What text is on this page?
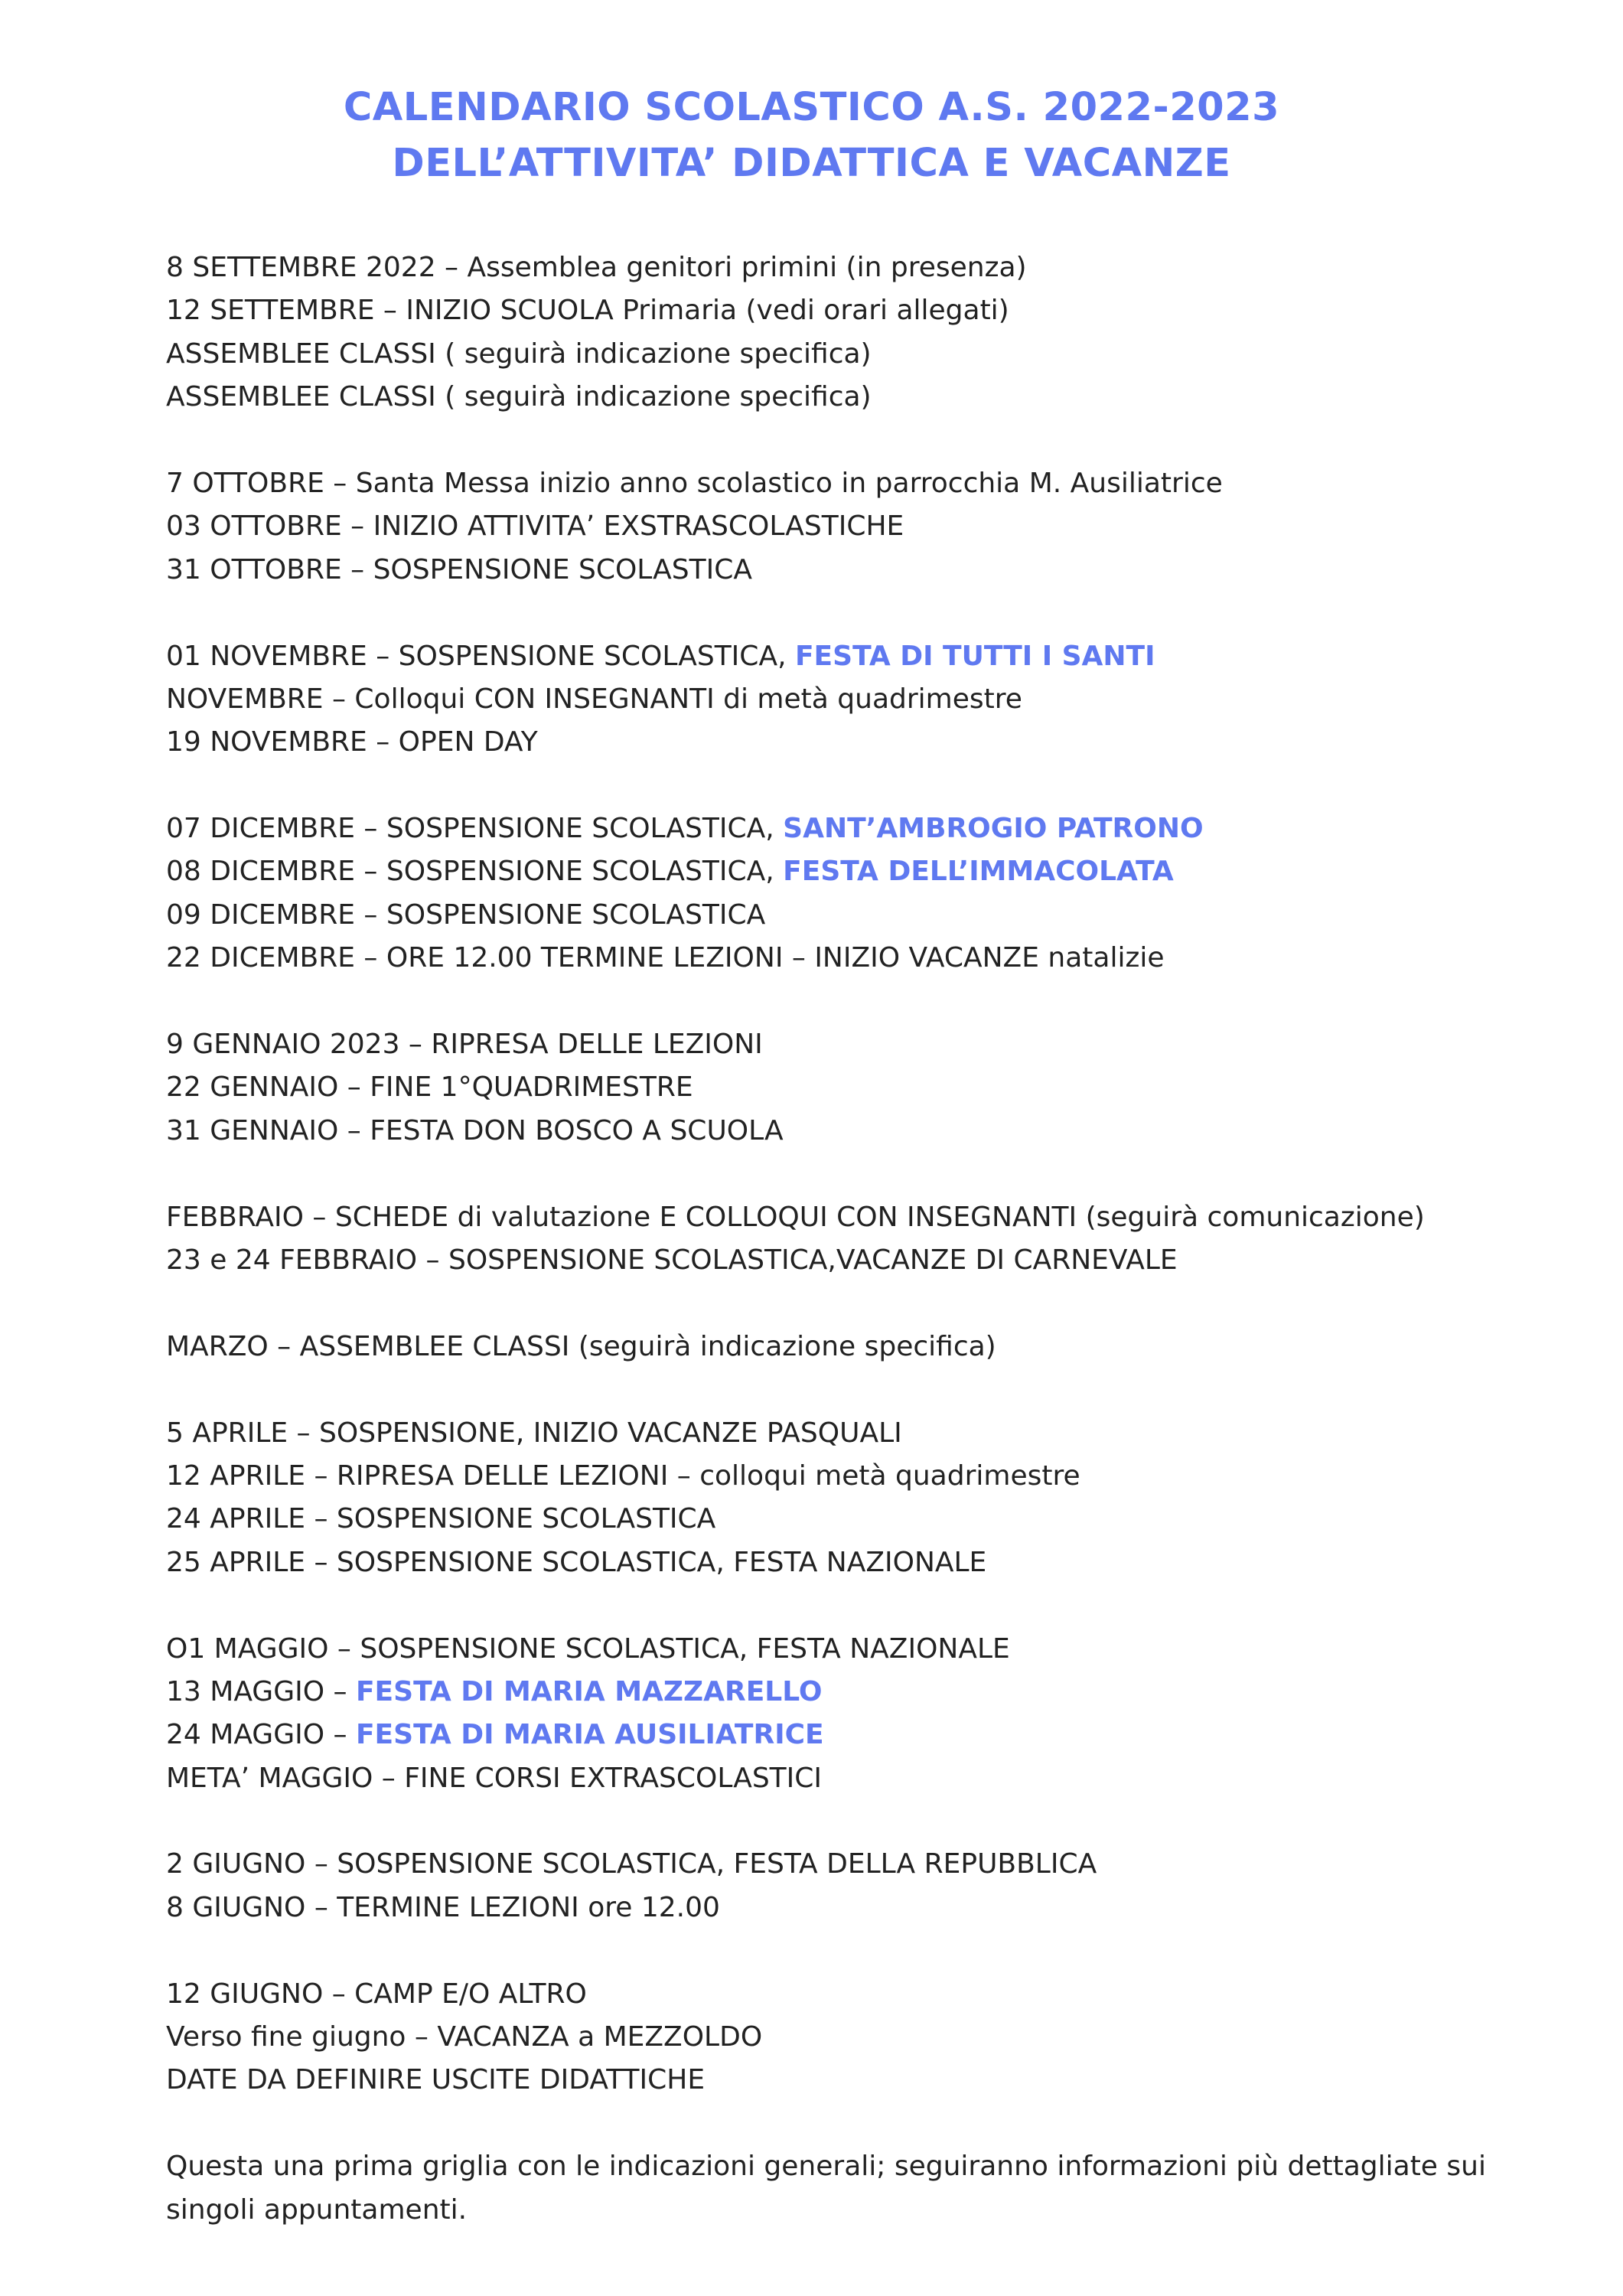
CALENDARIO SCOLASTICO A.S. 2022-2023
DELL’ATTIVITA’ DIDATTICA E VACANZE
8 SETTEMBRE 2022 – Assemblea genitori primini (in presenza)
12 SETTEMBRE – INIZIO SCUOLA Primaria (vedi orari allegati)
ASSEMBLEE CLASSI ( seguirà indicazione specifica)
ASSEMBLEE CLASSI ( seguirà indicazione specifica)
7 OTTOBRE – Santa Messa inizio anno scolastico in parrocchia M. Ausiliatrice
03 OTTOBRE – INIZIO ATTIVITA’ EXSTRASCOLASTICHE
31 OTTOBRE – SOSPENSIONE SCOLASTICA
01 NOVEMBRE – SOSPENSIONE SCOLASTICA, FESTA DI TUTTI I SANTI
NOVEMBRE – Colloqui CON INSEGNANTI di metà quadrimestre
19 NOVEMBRE – OPEN DAY
07 DICEMBRE – SOSPENSIONE SCOLASTICA, SANT’AMBROGIO PATRONO
08 DICEMBRE – SOSPENSIONE SCOLASTICA, FESTA DELL’IMMACOLATA
09 DICEMBRE – SOSPENSIONE SCOLASTICA
22 DICEMBRE – ORE 12.00 TERMINE LEZIONI – INIZIO VACANZE natalizie
9 GENNAIO 2023 – RIPRESA DELLE LEZIONI
22 GENNAIO – FINE 1°QUADRIMESTRE
31 GENNAIO – FESTA DON BOSCO A SCUOLA
FEBBRAIO – SCHEDE di valutazione E COLLOQUI CON INSEGNANTI (seguirà comunicazione)
23 e 24 FEBBRAIO – SOSPENSIONE SCOLASTICA,VACANZE DI CARNEVALE
MARZO – ASSEMBLEE CLASSI (seguirà indicazione specifica)
5 APRILE – SOSPENSIONE, INIZIO VACANZE PASQUALI
12 APRILE – RIPRESA DELLE LEZIONI – colloqui metà quadrimestre
24 APRILE – SOSPENSIONE SCOLASTICA
25 APRILE – SOSPENSIONE SCOLASTICA, FESTA NAZIONALE
O1 MAGGIO – SOSPENSIONE SCOLASTICA, FESTA NAZIONALE
13 MAGGIO – FESTA DI MARIA MAZZARELLO
24 MAGGIO – FESTA DI MARIA AUSILIATRICE
META’ MAGGIO – FINE CORSI EXTRASCOLASTICI
2 GIUGNO – SOSPENSIONE SCOLASTICA, FESTA DELLA REPUBBLICA
8 GIUGNO – TERMINE LEZIONI ore 12.00
12 GIUGNO – CAMP E/O ALTRO
Verso fine giugno – VACANZA a MEZZOLDO
DATE DA DEFINIRE USCITE DIDATTICHE
Questa una prima griglia con le indicazioni generali; seguiranno informazioni più dettagliate sui
singoli appuntamenti.
